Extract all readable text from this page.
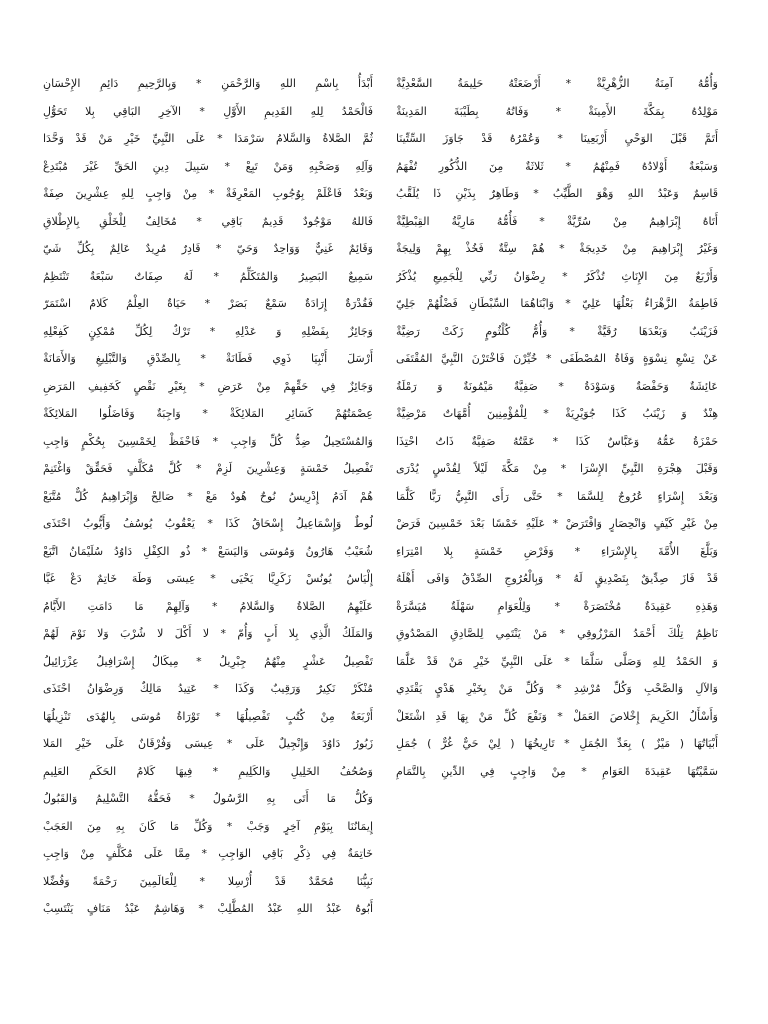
وَأُمُّهُ آمِنَةُ الزُّهْرِيَّةْ * أَرْضَعَتْهُ حَلِيمَةُ السَّعْدِيَّةْ
مَوْلِدُهُ بِمَكَّةَ الأَمِينَةْ * وَفَاتُهُ بِطَيْبَةَ المَدِينَةْ
أَتَمَّ قَبْلَ الوَحْيِ أَرْبَعِينَا * وَعُمْرُهُ قَدْ جَاوَزَ السِّتِّينَا
وَسَبْعَةٌ أَوْلادُهُ فَمِنْهُمُ * ثَلاثَةٌ مِنَ الذُّكُورِ تُفْهَمُ
قَاسِمٌ وَعَبْدُ اللهِ وَهْوَ الطَّيِّبُ * وَطَاهِرٌ بِذَيْنِ ذَا يُلَقَّبُ
أَتَاهُ إِبْرَاهِيمُ مِنْ سُرِّيَّةْ * فَأُمُّهُ مَارِيَّةُ القِبْطِيَّةْ
وَغَيْرُ إِبْرَاهِيمَ مِنْ خَدِيجَةْ * هُمْ سِتَّةٌ فَخُذْ بِهِمْ وَلِيجَةْ
وَأَرْبَعٌ مِنَ الإِنَاثِ تُذْكَرُ * رِضْوَانُ رَبِّي لِلْجَمِيعِ يُذْكَرُ
فَاطِمَةُ الزَّهْرَاءُ بَعْلُهَا عَلِيّ * وَابْنَاهُمَا السِّبْطَانِ فَضْلُهُمْ جَلِيّ
فَزَيْنَبٌ وَبَعْدَهَا رُقَيَّةْ * وَأُمُّ كُلْثُومٍ زَكَتْ رَضِيَّةْ
عَنْ تِسْعِ نِسْوَةٍ وَفَاةُ المُصْطَفَى * خُيِّرْنَ فَاخْتَرْنَ النَّبِيَّ المُقْتَفَى
عَائِشَةٌ وَحَفْصَةٌ وَسَوْدَةُ * صَفِيَّةٌ مَيْمُونَةٌ وَ رَمْلَةُ
هِنْدٌ وَ زَيْنَبُ كَذَا جُوَيْرِيَةْ * لِلْمُؤْمِنِينَ أُمَّهَاتٌ مَرْضِيَّةْ
حَمْزَةُ عَمُّهُ وَعَبَّاسٌ كَذَا * عَمَّتُهُ صَفِيَّةٌ ذَاتُ احْتِذَا
وَقَبْلَ هِجْرَةِ النَّبِيِّ الإِسْرَا * مِنْ مَكَّةَ لَيْلاً لِقُدْسٍ يُدْرَى
وَبَعْدَ إِسْرَاءٍ عُرُوجٌ لِلسَّمَا * حَتَّى رَأَى النَّبِيُّ رَبًّا كَلَّمَا
مِنْ غَيْرِ كَيْفٍ وَانْحِصَارٍ وَافْتَرَضْ * عَلَيْهِ خَمْسًا بَعْدَ خَمْسِينَ فَرَضْ
وَبَلَّغَ الأُمَّةَ بِالإِسْرَاءِ * وَفَرْضِ خَمْسَةٍ بِلا امْتِرَاءِ
قَدْ فَازَ صِدِّيقٌ بِتَصْدِيقٍ لَهُ * وَبِالْعُرُوجِ الصِّدْقُ وَافَى أَهْلَهُ
وَهَذِهِ عَقِيدَةٌ مُخْتَصَرَةْ * وَلِلْعَوَامِ سَهْلَةٌ مُيَسَّرَةْ
نَاظِمُ تِلْكَ أَحْمَدُ المَرْزُوقِي * مَنْ يَنْتَمِي لِلصَّادِقِ المَصْدُوقِ
وَ الحَمْدُ لِلهِ وَصَلَّى سَلَّمَا * عَلَى النَّبِيِّ خَيْرِ مَنْ قَدْ عَلَّمَا
وَالآلِ وَالصَّحْبِ وَكُلِّ مُرْشِدِ * وَكُلِّ مَنْ بِخَيْرِ هَدْيٍ يَقْتَدِي
وَأَسْأَلُ الكَرِيمَ إِخْلاصَ العَمَلْ * وَنَفْعَ كُلِّ مَنْ بِهَا قَدِ اشْتَغَلْ
أَبْيَاتُهَا ( مَيْزٌ ) بِعَدِّ الجُمَلِ * تَارِيخُهَا ( لِيْ حَيٌّ غُرٌّ ) جُمَلِ
سَمَّيْتُهَا عَقِيدَةَ العَوَامِ * مِنْ وَاجِبٍ فِي الدِّينِ بِالتَّمَامِ
أَبْدَأُ بِاسْمِ اللهِ وَالرَّحْمَنِ * وَبِالرَّحِيمِ دَائِمِ الإِحْسَانِ
فَالْحَمْدُ لِلهِ القَدِيمِ الأَوَّلِ * الآخِرِ البَاقِي بِلا تَحَوُّلِ
ثُمَّ الصَّلاةُ وَالسَّلامُ سَرْمَدَا * عَلَى النَّبِيِّ خَيْرِ مَنْ قَدْ وَحَّدَا
وَآلِهِ وَصَحْبِهِ وَمَنْ تَبِعْ * سَبِيلَ دِينِ الحَقِّ غَيْرَ مُبْتَدِعْ
وَبَعْدُ فَاعْلَمْ بِوُجُوبِ المَعْرِفَةْ * مِنْ وَاجِبٍ لِلهِ عِشْرِينَ صِفَةْ
فَاللهُ مَوْجُودٌ قَدِيمٌ بَاقِي * مُخَالِفٌ لِلْخَلْقِ بِالإِطْلاقِ
وَقَائِمٌ غَنِيٌّ وَوَاحِدٌ وَحَيّ * قَادِرٌ مُرِيدٌ عَالِمٌ بِكُلِّ شَيّ
سَمِيعٌ البَصِيرُ وَالمُتَكَلِّمُ * لَهُ صِفَاتٌ سَبْعَةٌ تَنْتَظِمُ
فَقُدْرَةٌ إِرَادَةٌ سَمْعٌ بَصَرْ * حَيَاةٌ العِلْمُ كَلامٌ اسْتَمَرّ
وَجَائِزٌ بِفَضْلِهِ وَ عَدْلِهِ * تَرْكٌ لِكُلِّ مُمْكِنٍ كَفِعْلِهِ
أَرْسَلَ أَنْبِيَا ذَوِي فَطَانَةْ * بِالصِّدْقِ وَالتَّبْلِيغِ وَالأَمَانَةْ
وَجَائِزٌ فِي حَقِّهِمْ مِنْ عَرَضِ * بِغَيْرِ نَقْصٍ كَخَفِيفِ المَرَضِ
عِصْمَتُهُمْ كَسَائِرِ المَلائِكَةْ * وَاجِبَةٌ وَفَاضَلُوا المَلائِكَةْ
وَالمُسْتَحِيلُ ضِدُّ كُلِّ وَاجِبِ * فَاحْفَظْ لِخَمْسِينَ بِحُكْمٍ وَاجِبِ
تَفْصِيلُ خَمْسَةٍ وَعِشْرِينَ لَزِمْ * كُلَّ مُكَلَّفٍ فَحَقِّقْ وَاغْتَنِمْ
هُمْ آدَمُ إِدْرِيسُ نُوحٌ هُودٌ مَعْ * صَالِحْ وَإِبْرَاهِيمُ كُلٌّ مُتَّبَعْ
لُوطٌ وَإِسْمَاعِيلُ إِسْحَاقُ كَذَا * يَعْقُوبُ يُوسُفُ وَأَيُّوبُ احْتَذَى
شُعَيْبُ هَارُونُ وَمُوسَى وَاليَسَعْ * ذُو الكِفْلِ دَاوُدُ سُلَيْمَانُ اتَّبَعْ
إِلْيَاسُ يُونُسْ زَكَرِيَّا يَحْيَى * عِيسَى وَطَهَ خَاتِمٌ دَعْ غَيَّا
عَلَيْهِمُ الصَّلاةُ وَالسَّلامُ * وَآلِهِمْ مَا دَامَتِ الأَيَّامُ
وَالمَلَكُ الَّذِي بِلا أَبٍ وَأُمّ * لا أَكْلَ لا شُرْبَ وَلا نَوْمَ لَهُمْ
تَفْصِيلُ عَشْرٍ مِنْهُمُ جِبْرِيلُ * مِيكَالُ إِسْرَافِيلُ عِزْرَائِيلُ
مُنْكَرْ نَكِيرٌ وَرَقِيبٌ وَكَذَا * عَتِيدُ مَالِكٌ وَرِضْوَانُ احْتَذَى
أَرْبَعَةٌ مِنْ كُتُبٍ تَفْصِيلُهَا * تَوْرَاةُ مُوسَى بِالهُدَى تَنْزِيلُهَا
زَبُورُ دَاوُدَ وَإِنْجِيلٌ عَلَى * عِيسَى وَفُرْقَانٌ عَلَى خَيْرِ المَلا
وَصُحُفُ الخَلِيلِ وَالكَلِيمِ * فِيهَا كَلامُ الحَكَمِ العَلِيمِ
وَكُلُّ مَا أَتَى بِهِ الرَّسُولُ * فَحَقُّهُ التَّسْلِيمُ وَالقَبُولُ
إِيمَانُنَا بِيَوْمِ آخِرٍ وَجَبْ * وَكُلِّ مَا كَانَ بِهِ مِنَ العَجَبْ
خَاتِمَةٌ فِي ذِكْرِ بَاقِي الوَاجِبِ * مِمَّا عَلَى مُكَلَّفٍ مِنْ وَاجِبِ
نَبِيُّنَا مُحَمَّدٌ قَدْ أُرْسِلا * لِلْعَالَمِينَ رَحْمَةً وَفُضِّلا
أَبُوهُ عَبْدُ اللهِ عَبْدُ المُطَّلِبْ * وَهَاشِمٌ عَبْدُ مَنَافٍ يَنْتَسِبْ
